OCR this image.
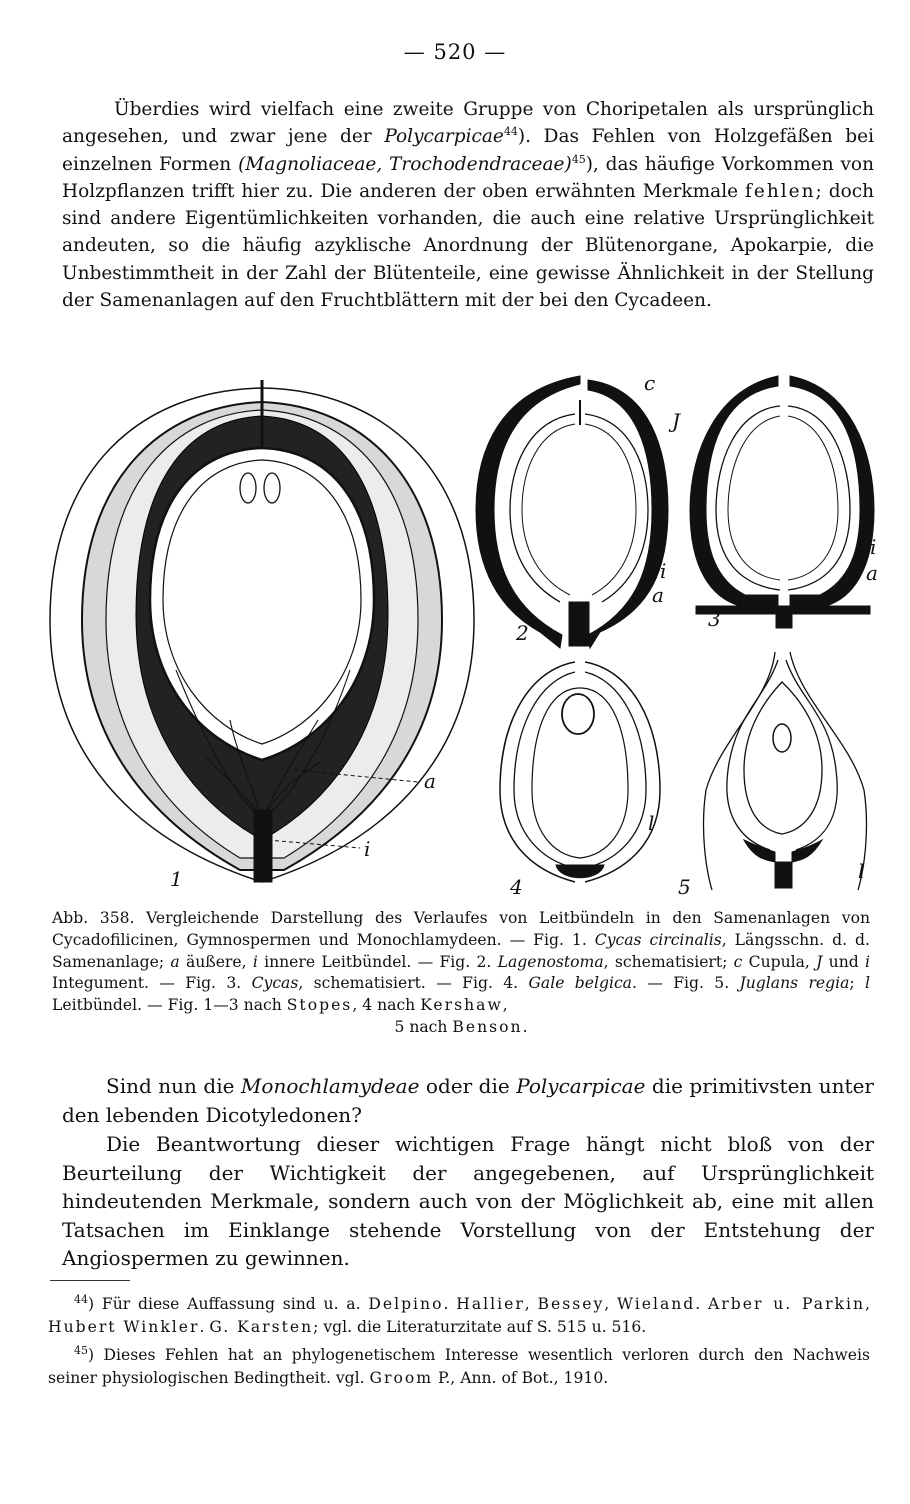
— 520 —
Überdies wird vielfach eine zweite Gruppe von Choripetalen als ursprünglich angesehen, und zwar jene der Polycarpicae$^{44}$). Das Fehlen von Holzgefäßen bei einzelnen Formen (Magnoliaceae, Trochodendraceae)$^{45}$), das häufige Vorkommen von Holzpflanzen trifft hier zu. Die anderen der oben erwähnten Merkmale fehlen; doch sind andere Eigentümlichkeiten vorhanden, die auch eine relative Ursprünglichkeit andeuten, so die häufig azyklische Anordnung der Blütenorgane, Apokarpie, die Unbestimmtheit in der Zahl der Blütenteile, eine gewisse Ähnlichkeit in der Stellung der Samenanlagen auf den Fruchtblättern mit der bei den Cycadeen.
1
a
i
c
J
i
a
2
i
a
3
l
4
l
5
Abb. 358. Vergleichende Darstellung des Verlaufes von Leitbündeln in den Samenanlagen von Cycadofilicinen, Gymnospermen und Monochlamydeen. — Fig. 1. Cycas circinalis, Längsschn. d. d. Samenanlage; a äußere, i innere Leitbündel. — Fig. 2. Lagenostoma, schematisiert; c Cupula, J und i Integument. — Fig. 3. Cycas, schematisiert. — Fig. 4. Gale belgica. — Fig. 5. Juglans regia; l Leitbündel. — Fig. 1—3 nach Stopes, 4 nach Kershaw,
5 nach Benson.
Sind nun die Monochlamydeae oder die Polycarpicae die primitivsten unter den lebenden Dicotyledonen?
Die Beantwortung dieser wichtigen Frage hängt nicht bloß von der Beurteilung der Wichtigkeit der angegebenen, auf Ursprünglichkeit hindeutenden Merkmale, sondern auch von der Möglichkeit ab, eine mit allen Tatsachen im Einklange stehende Vorstellung von der Entstehung der Angiospermen zu gewinnen.
$^{44}$) Für diese Auffassung sind u. a. Delpino. Hallier, Bessey, Wieland. Arber u. Parkin, Hubert Winkler. G. Karsten; vgl. die Literaturzitate auf S. 515 u. 516.
$^{45}$) Dieses Fehlen hat an phylogenetischem Interesse wesentlich verloren durch den Nachweis seiner physiologischen Bedingtheit. vgl. Groom P., Ann. of Bot., 1910.
